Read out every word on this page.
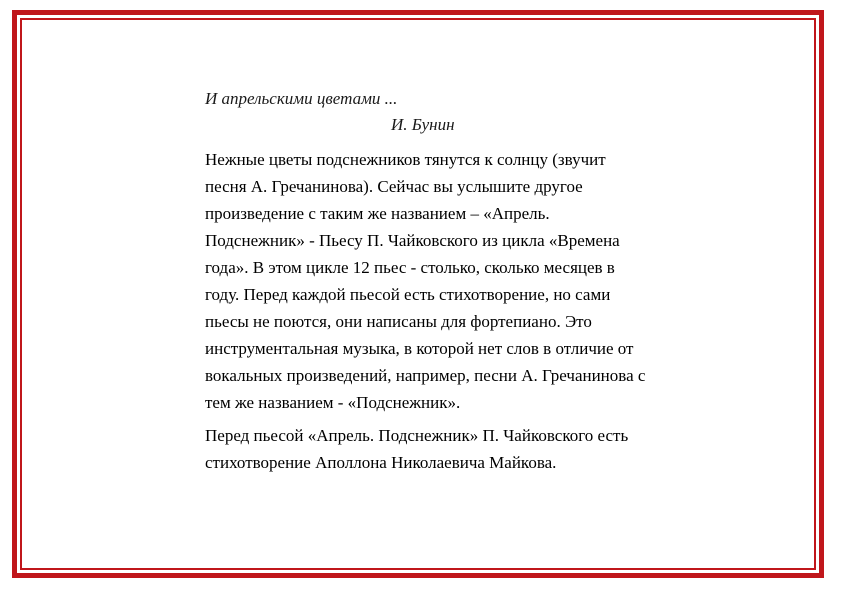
И апрельскими цветами ...

И. Бунин

Нежные цветы подснежников тянутся к солнцу (звучит
песня А. Гречанинова). Сейчас вы услышите другое
произведение с таким же названием – «Апрель.
Подснежник» - Пьесу П. Чайковского из цикла «Времена
года». В этом цикле 12 пьес - столько, сколько месяцев в
году. Перед каждой пьесой есть стихотворение, но сами
пьесы не поются, они написаны для фортепиано. Это
инструментальная музыка, в которой нет слов в отличие от
вокальных произведений, например, песни А. Гречанинова с
тем же названием - «Подснежник».

Перед пьесой «Апрель. Подснежник» П. Чайковского есть
стихотворение Аполлона Николаевича Майкова.
